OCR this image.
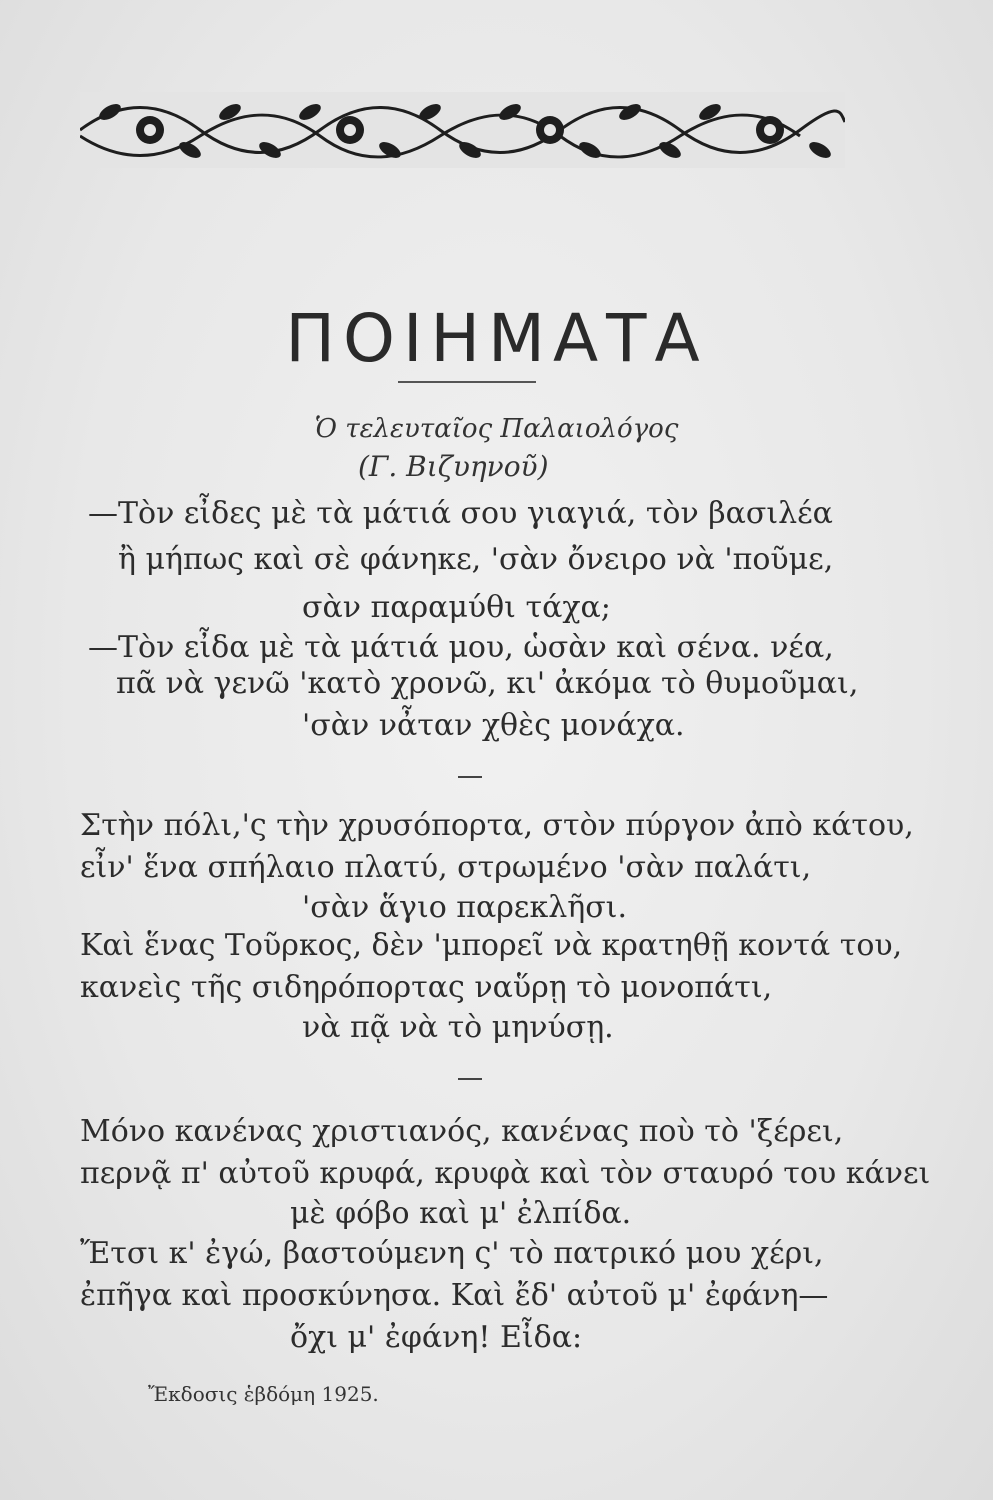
ΠΟΙΗΜΑΤΑ
Ὁ τελευταῖος Παλαιολόγος
(Γ. Βιζυηνοῦ)
—Τὸν εἶδες μὲ τὰ μάτιά σου γιαγιά, τὸν βασιλέα
ἢ μήπως καὶ σὲ φάνηκε, 'σὰν ὄνειρο νὰ 'ποῦμε,
σὰν παραμύθι τάχα;
—Τὸν εἶδα μὲ τὰ μάτιά μου, ὡσὰν καὶ σένα. νέα,
πᾶ νὰ γενῶ 'κατὸ χρονῶ, κι' ἀκόμα τὸ θυμοῦμαι,
'σὰν νἆταν χθὲς μονάχα.
Στὴν πόλι,'ς τὴν χρυσόπορτα, στὸν πύργον ἀπὸ κάτου,
εἶν' ἕνα σπήλαιο πλατύ, στρωμένο 'σὰν παλάτι,
'σὰν ἅγιο παρεκλῆσι.
Καὶ ἕνας Τοῦρκος, δὲν 'μπορεῖ νὰ κρατηθῇ κοντά του,
κανεὶς τῆς σιδηρόπορτας ναὕρῃ τὸ μονοπάτι,
νὰ πᾷ νὰ τὸ μηνύσῃ.
Μόνο κανένας χριστιανός, κανένας ποὺ τὸ 'ξέρει,
περνᾷ π' αὐτοῦ κρυφά, κρυφὰ καὶ τὸν σταυρό του κάνει
μὲ φόβο καὶ μ' ἐλπίδα.
Ἔτσι κ' ἐγώ, βαστούμενη ς' τὸ πατρικό μου χέρι,
ἐπῆγα καὶ προσκύνησα. Καὶ ἔδ' αὐτοῦ μ' ἐφάνη—
ὄχι μ' ἐφάνη! Εἶδα:
Ἔκδοσις ἑβδόμη 1925.
